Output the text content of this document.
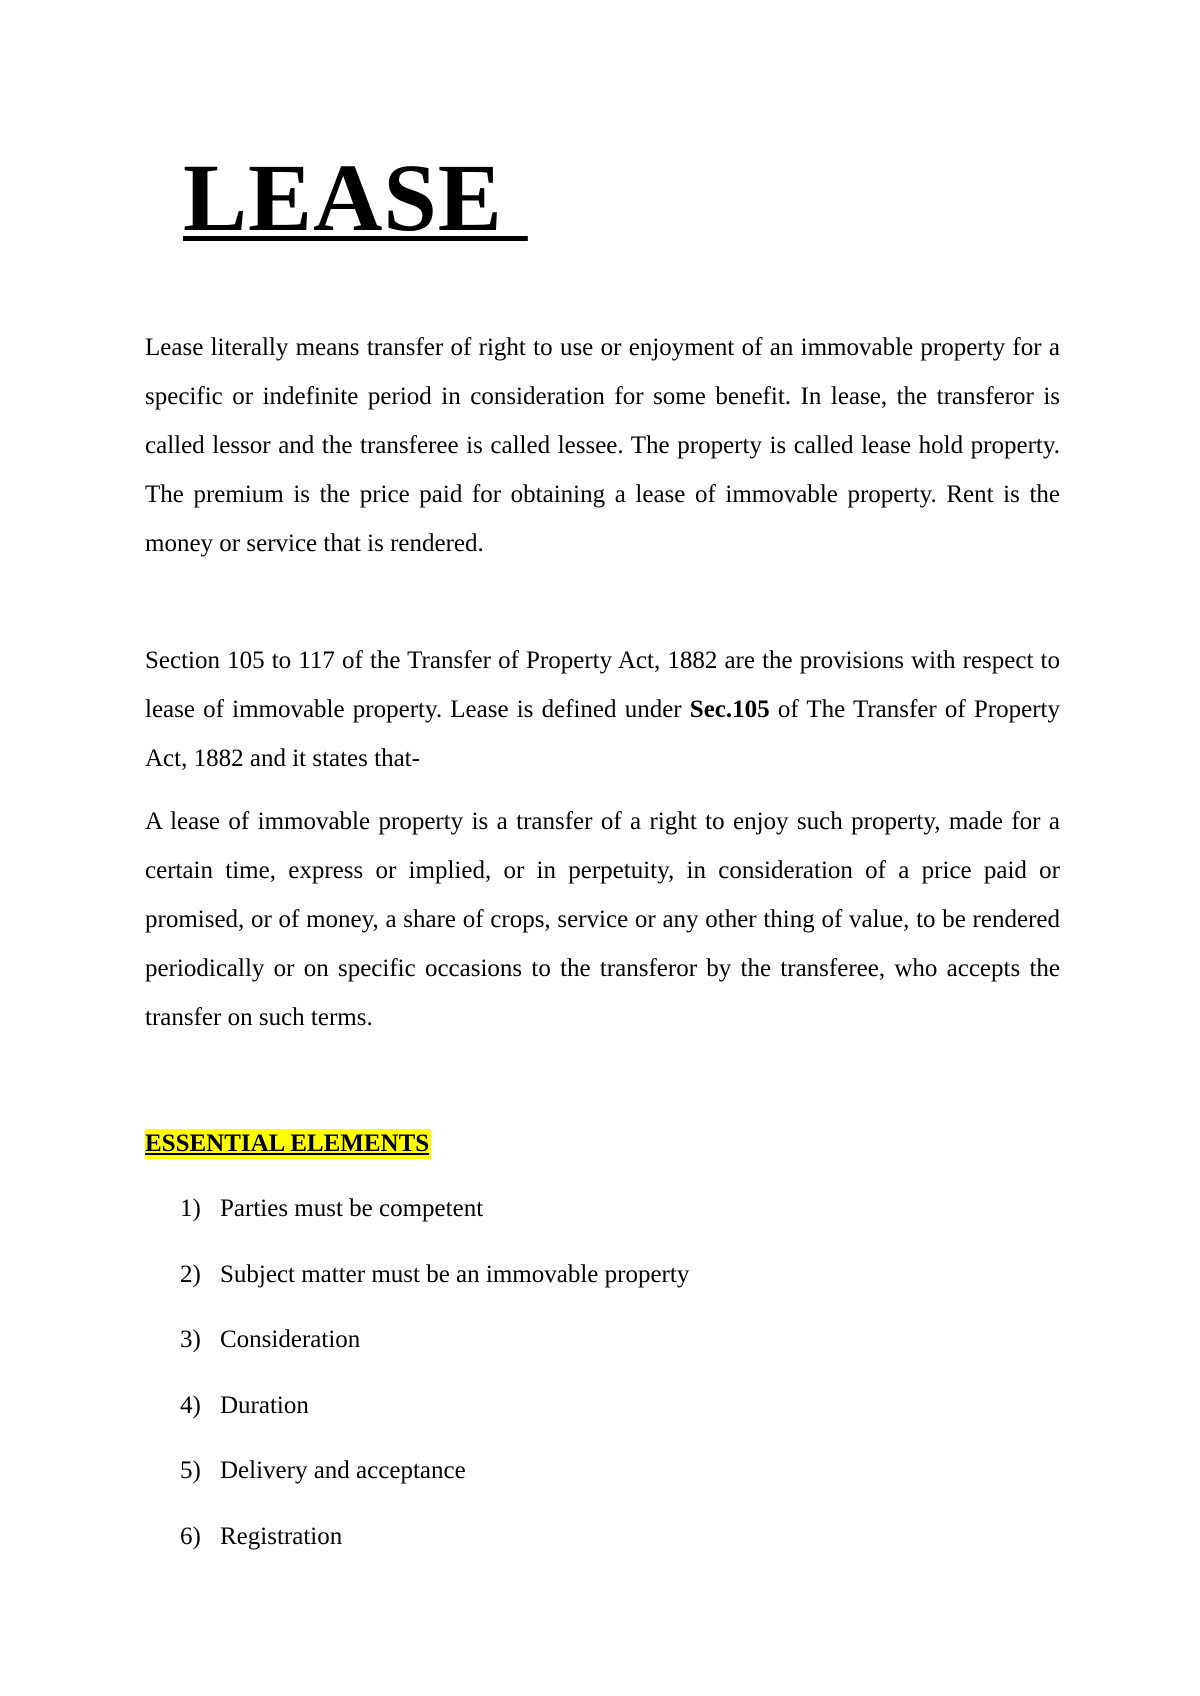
LEASE

Lease literally means transfer of right to use or enjoyment of an immovable property for a specific or indefinite period in consideration for some benefit. In lease, the transferor is called lessor and the transferee is called lessee. The property is called lease hold property. The premium is the price paid for obtaining a lease of immovable property. Rent is the money or service that is rendered.

Section 105 to 117 of the Transfer of Property Act, 1882 are the provisions with respect to lease of immovable property. Lease is defined under Sec.105 of The Transfer of Property Act, 1882 and it states that-

A lease of immovable property is a transfer of a right to enjoy such property, made for a certain time, express or implied, or in perpetuity, in consideration of a price paid or promised, or of money, a share of crops, service or any other thing of value, to be rendered periodically or on specific occasions to the transferor by the transferee, who accepts the transfer on such terms.

ESSENTIAL ELEMENTS
1) Parties must be competent
2) Subject matter must be an immovable property
3) Consideration
4) Duration
5) Delivery and acceptance
6) Registration
